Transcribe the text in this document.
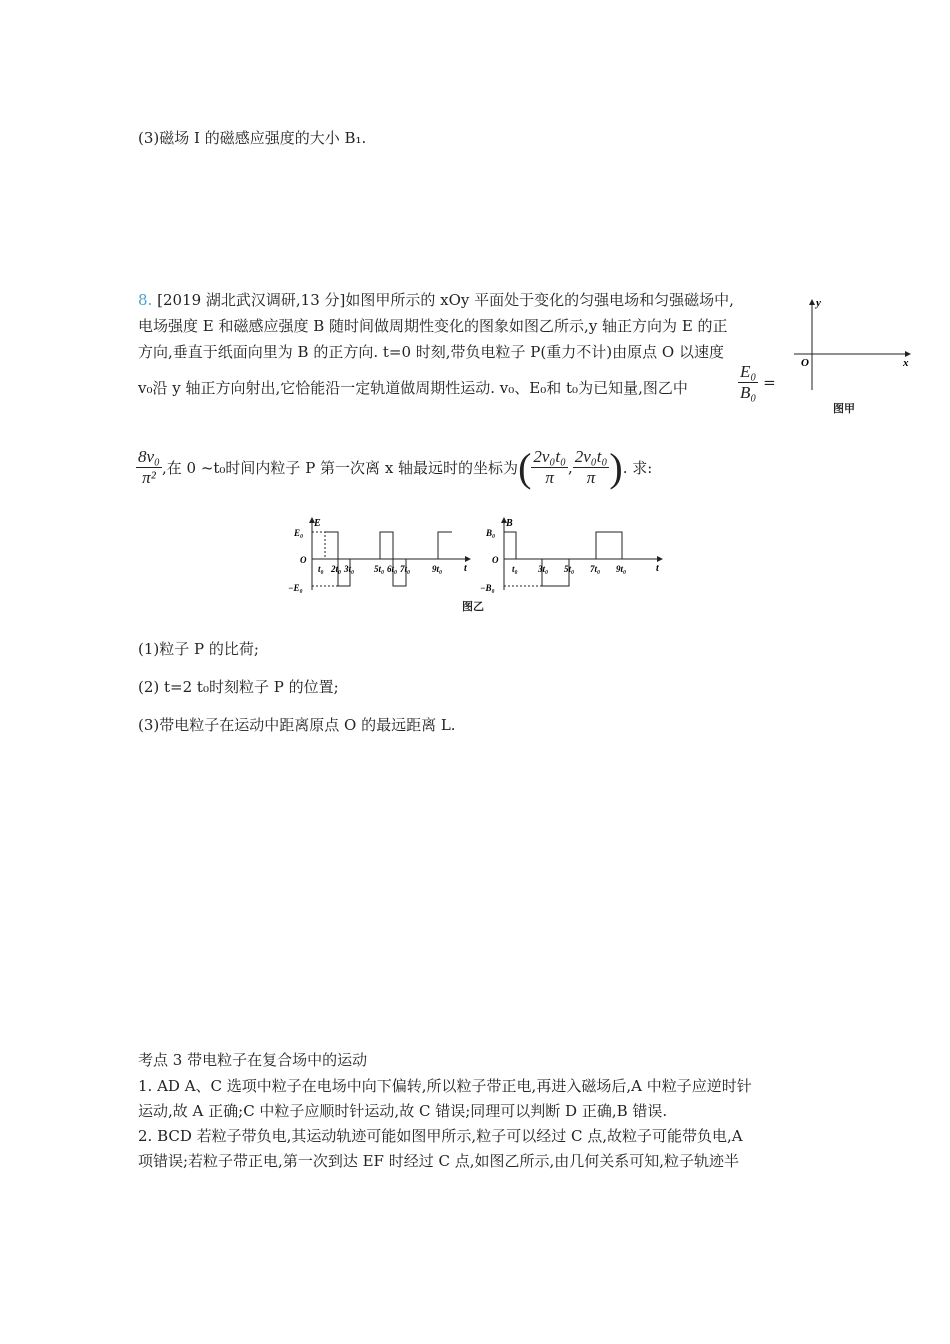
(3)磁场 I 的磁感应强度的大小 B₁.
8. [2019 湖北武汉调研,13 分]如图甲所示的 xOy 平面处于变化的匀强电场和匀强磁场中,
电场强度 E 和磁感应强度 B 随时间做周期性变化的图象如图乙所示,y 轴正方向为 E 的正
方向,垂直于纸面向里为 B 的正方向. t=0 时刻,带负电粒子 P(重力不计)由原点 O 以速度
v₀沿 y 轴正方向射出,它恰能沿一定轨道做周期性运动. v₀、E₀和 t₀为已知量,图乙中	$\frac{\text{E₀}}{\text{B₀}}$ =
$\frac{\text{8v₀}}{\text{π²}}$ ,在 0 ~t₀时间内粒子 P 第一次离 x 轴最远时的坐标为( $\frac{\text{2v₀t₀}}{\pi}$ , $\frac{\text{2v₀t₀}}{\pi}$ ). 求:
y
x
O
图甲
E
E₀
O
−E₀
t
t₀ 2t₀ 3t₀ 5t₀ 6t₀ 7t₀ 9t₀
B
B₀
O
−B₀
t
t₀ 3t₀ 5t₀ 7t₀ 9t₀
图乙
(1)粒子 P 的比荷;
(2) t=2 t₀时刻粒子 P 的位置;
(3)带电粒子在运动中距离原点 O 的最远距离 L.
考点 3 带电粒子在复合场中的运动
1. AD A、C 选项中粒子在电场中向下偏转,所以粒子带正电,再进入磁场后,A 中粒子应逆时针
运动,故 A 正确;C 中粒子应顺时针运动,故 C 错误;同理可以判断 D 正确,B 错误.
2. BCD 若粒子带负电,其运动轨迹可能如图甲所示,粒子可以经过 C 点,故粒子可能带负电,A
项错误;若粒子带正电,第一次到达 EF 时经过 C 点,如图乙所示,由几何关系可知,粒子轨迹半
